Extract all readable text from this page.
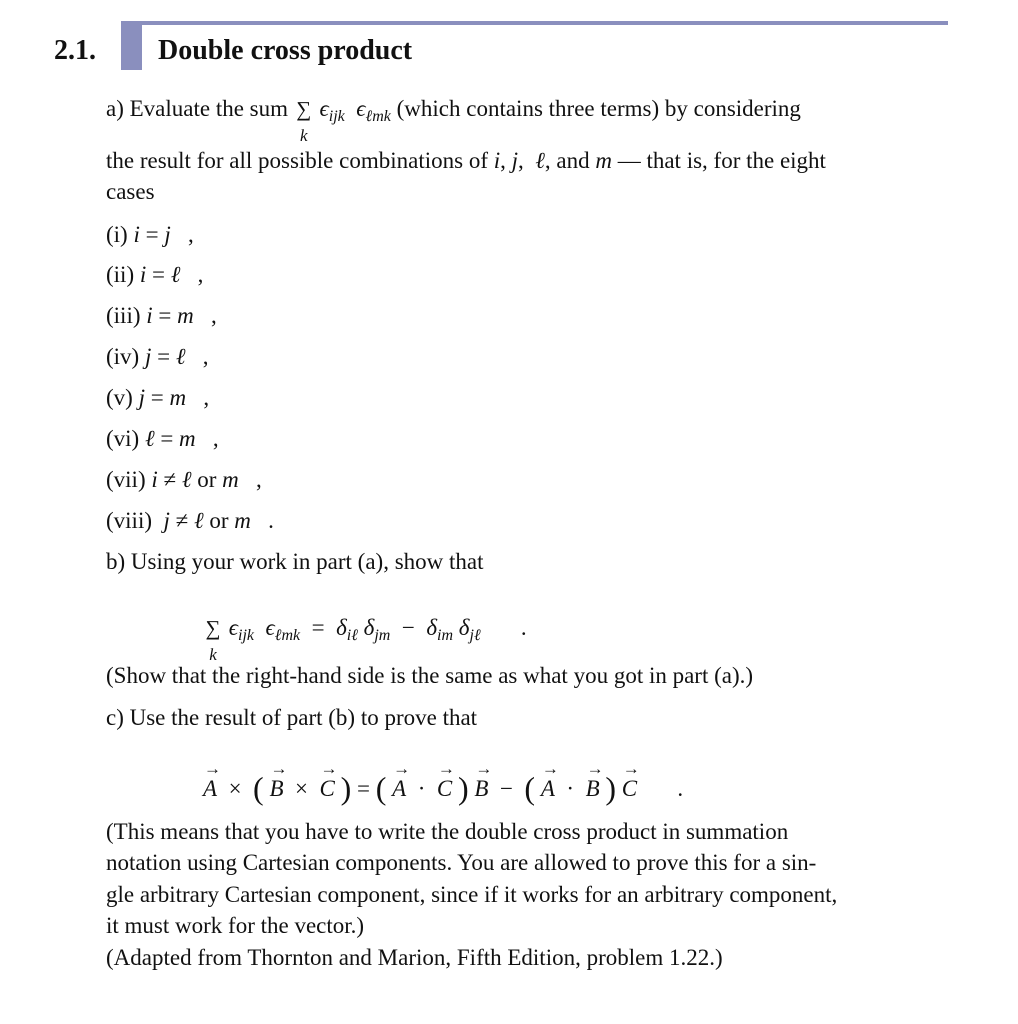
2.1. Double cross product
a) Evaluate the sum ∑
k
$\epsilon_{ijk}$  $\epsilon_{\ell mk}$ (which contains three terms) by considering
the result for all possible combinations of i, j,  ℓ, and m — that is, for the eight
cases
(i) i = j ,
(ii) i = ℓ ,
(iii) i = m ,
(iv) j = ℓ ,
(v) j = m ,
(vi) ℓ = m ,
(vii) i ≠ ℓ or m ,
(viii) j ≠ ℓ or m .
b) Using your work in part (a), show that
∑
k
$\epsilon_{ijk}$  $\epsilon_{\ell mk} = \delta_{i\ell}$ $\delta_{jm} - \delta_{im}$ $\delta_{j\ell}$       .
(Show that the right-hand side is the same as what you got in part (a).)
c) Use the result of part (b) to prove that
→ A  ×  ( → B  ×  → C ) = ( → A  ·  → C ) → B  −  ( → A  ·  → B ) → C       .
(This means that you have to write the double cross product in summation
notation using Cartesian components. You are allowed to prove this for a sin-
gle arbitrary Cartesian component, since if it works for an arbitrary component,
it must work for the vector.)
(Adapted from Thornton and Marion, Fifth Edition, problem 1.22.)
